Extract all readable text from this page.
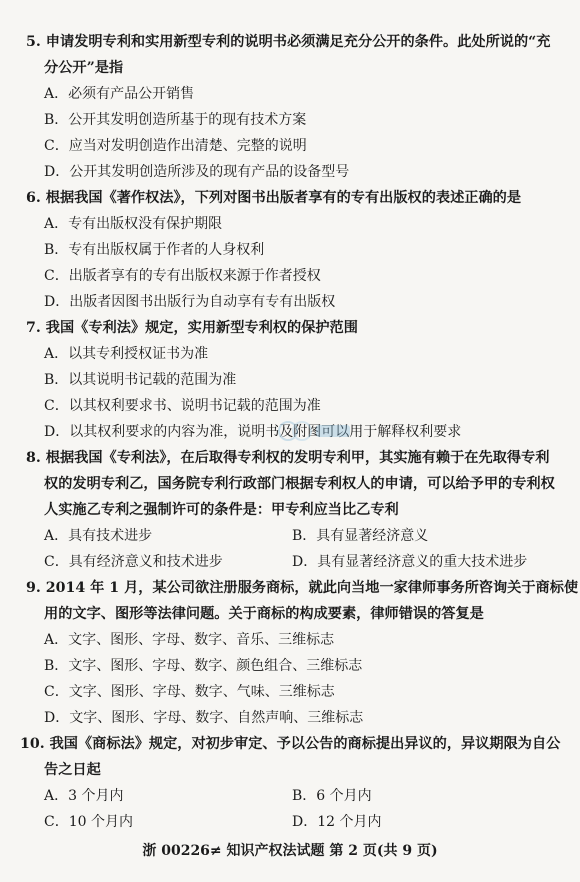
5. 申请发明专利和实用新型专利的说明书必须满足充分公开的条件。此处所说的“充
分公开”是指
A．必须有产品公开销售
B．公开其发明创造所基于的现有技术方案
C．应当对发明创造作出清楚、完整的说明
D．公开其发明创造所涉及的现有产品的设备型号
6. 根据我国《著作权法》，下列对图书出版者享有的专有出版权的表述正确的是
A．专有出版权没有保护期限
B．专有出版权属于作者的人身权利
C．出版者享有的专有出版权来源于作者授权
D．出版者因图书出版行为自动享有专有出版权
7. 我国《专利法》规定，实用新型专利权的保护范围
A．以其专利授权证书为准
B．以其说明书记载的范围为准
C．以其权利要求书、说明书记载的范围为准
D．以其权利要求的内容为准，说明书及附图可以用于解释权利要求
8. 根据我国《专利法》，在后取得专利权的发明专利甲，其实施有赖于在先取得专利
权的发明专利乙，国务院专利行政部门根据专利权人的申请，可以给予甲的专利权
人实施乙专利之强制许可的条件是：甲专利应当比乙专利
A．具有技术进步	B．具有显著经济意义
C．具有经济意义和技术进步	D．具有显著经济意义的重大技术进步
9. 2014 年 1 月，某公司欲注册服务商标，就此向当地一家律师事务所咨询关于商标使
用的文字、图形等法律问题。关于商标的构成要素，律师错误的答复是
A．文字、图形、字母、数字、音乐、三维标志
B．文字、图形、字母、数字、颜色组合、三维标志
C．文字、图形、字母、数字、气味、三维标志
D．文字、图形、字母、数字、自然声响、三维标志
10. 我国《商标法》规定，对初步审定、予以公告的商标提出异议的，异议期限为自公
告之日起
A．3 个月内	B．6 个月内
C．10 个月内	D．12 个月内
浙 00226≠ 知识产权法试题 第 2 页(共 9 页)
